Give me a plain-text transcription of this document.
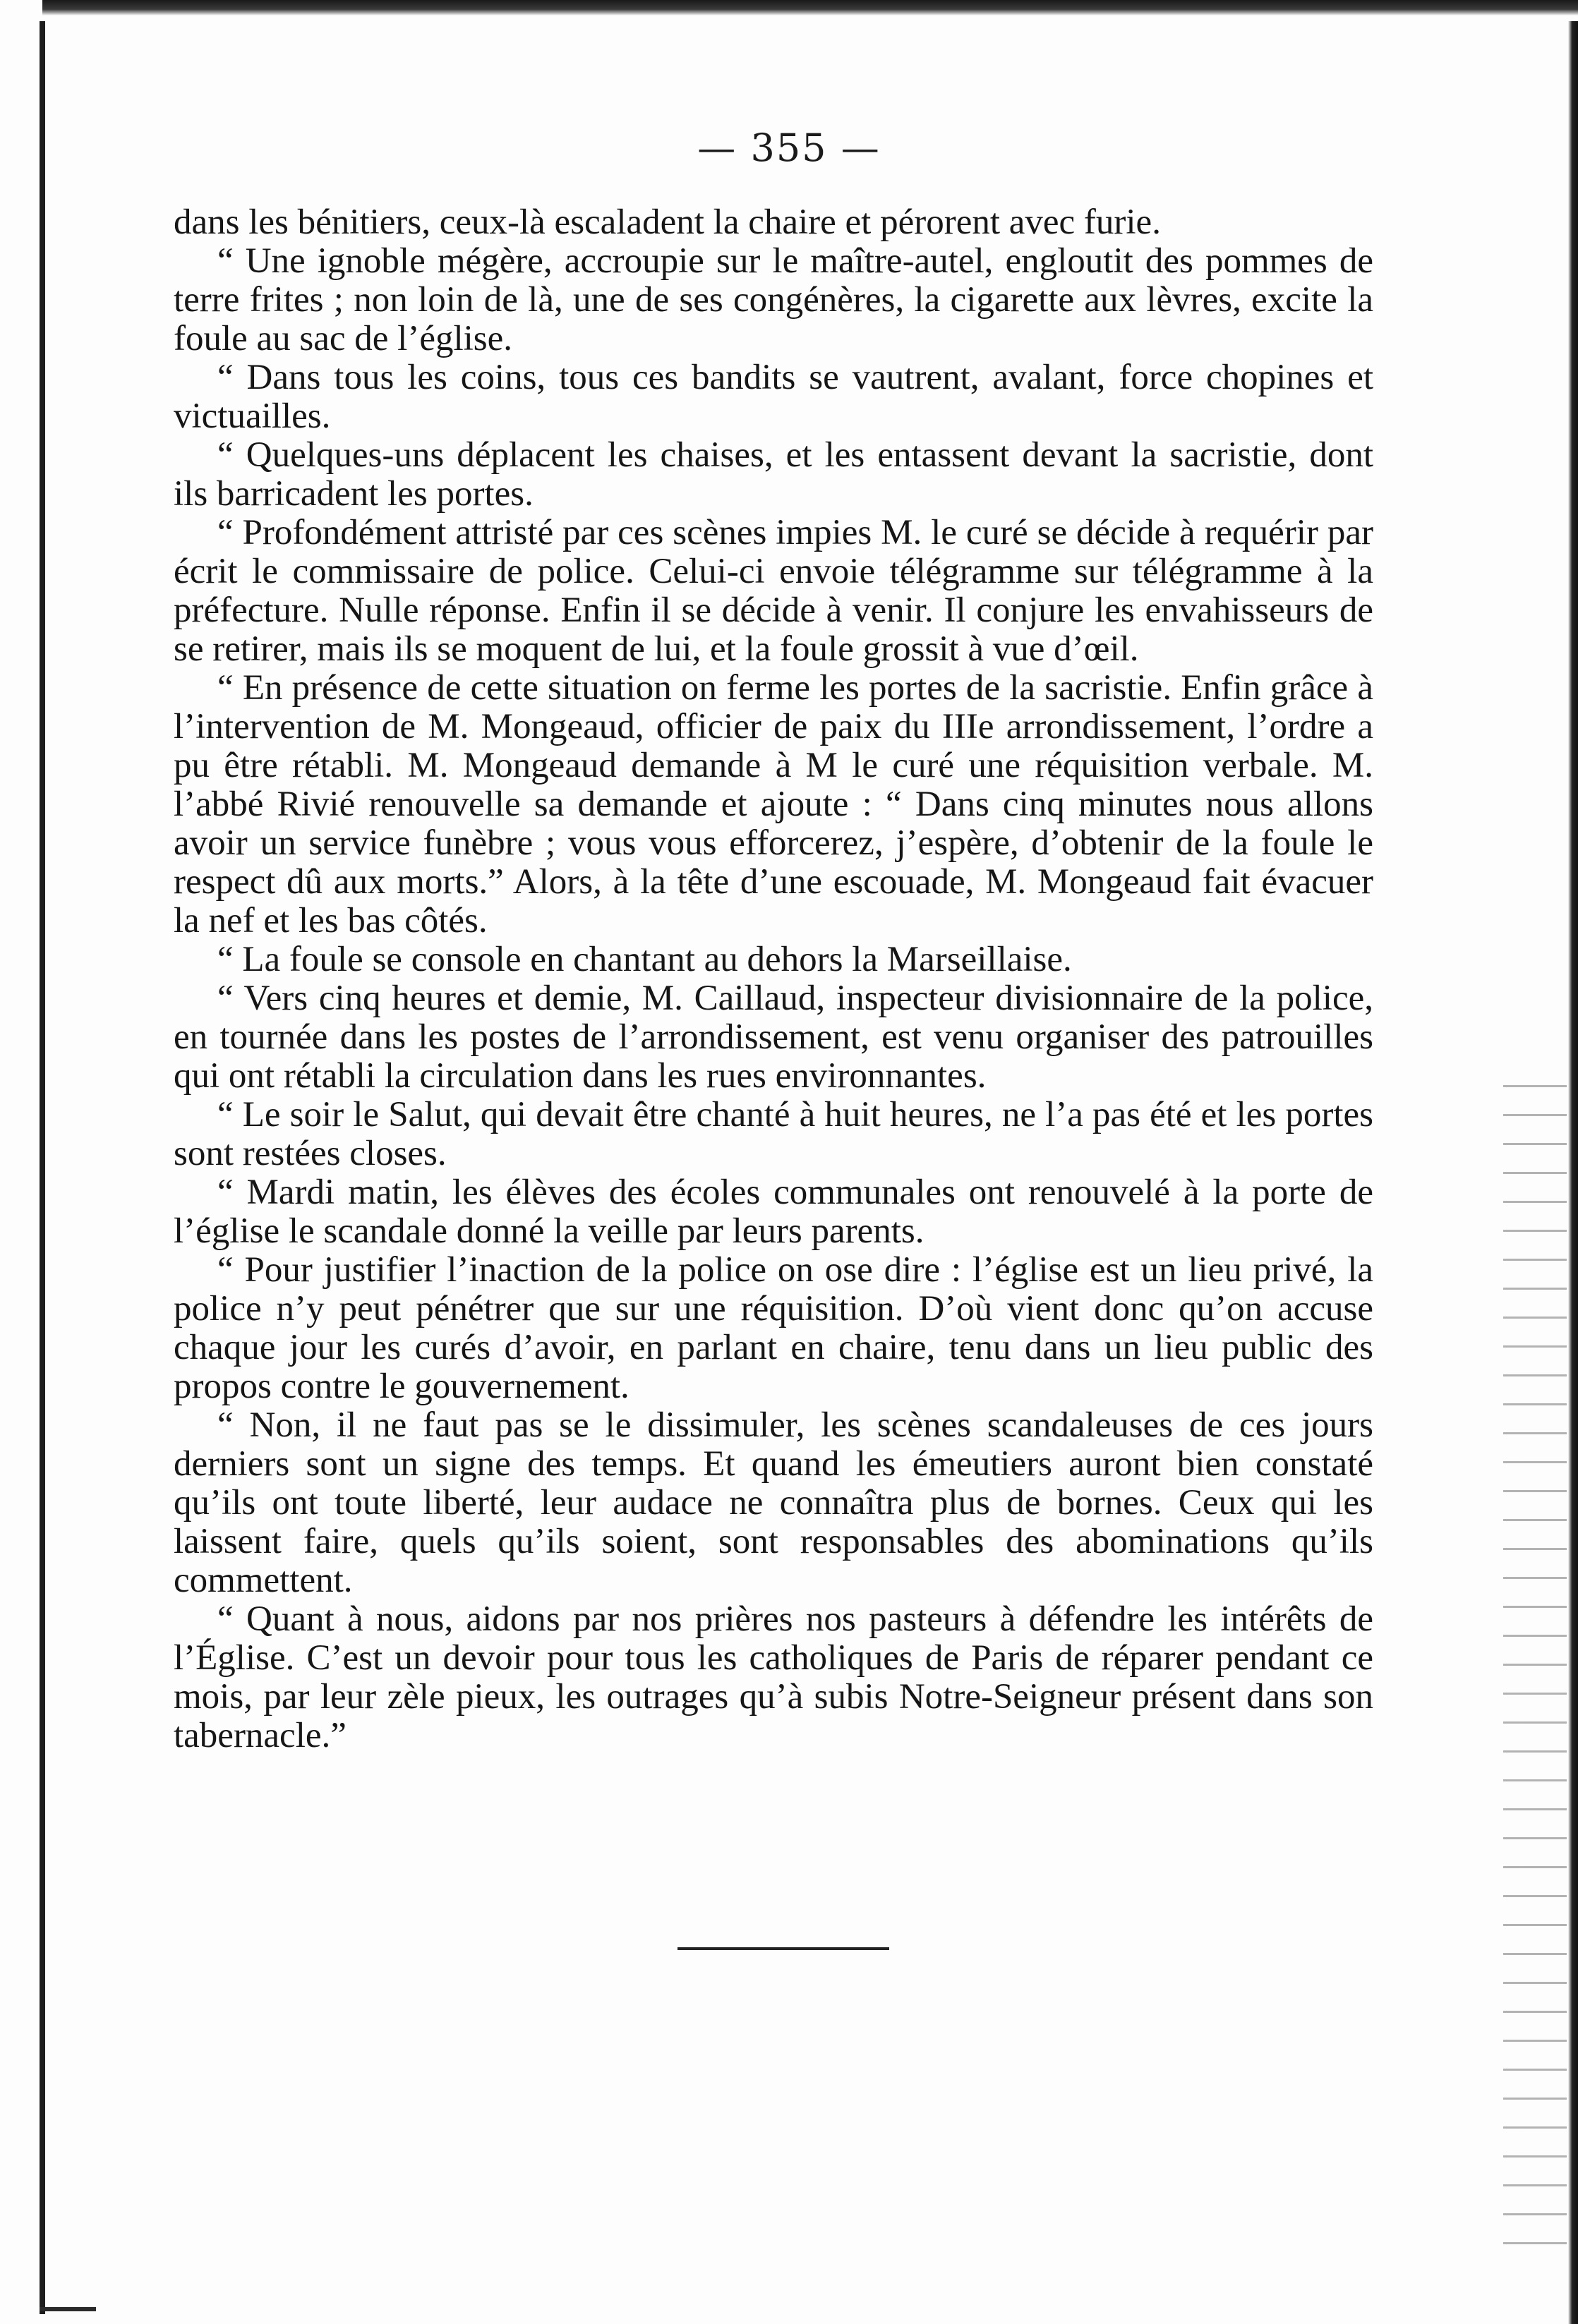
— 355 —

dans les bénitiers, ceux-là escaladent la chaire et pérorent avec furie.

“ Une ignoble mégère, accroupie sur le maître-autel, engloutit des pommes de terre frites ; non loin de là, une de ses congénères, la cigarette aux lèvres, excite la foule au sac de l’église.

“ Dans tous les coins, tous ces bandits se vautrent, avalant, force chopines et victuailles.

“ Quelques-uns déplacent les chaises, et les entassent devant la sacristie, dont ils barricadent les portes.

“ Profondément attristé par ces scènes impies M. le curé se décide à requérir par écrit le commissaire de police. Celui-ci envoie télégramme sur télégramme à la préfecture. Nulle réponse. Enfin il se décide à venir. Il conjure les envahisseurs de se retirer, mais ils se moquent de lui, et la foule grossit à vue d’œil.

“ En présence de cette situation on ferme les portes de la sacristie. Enfin grâce à l’intervention de M. Mongeaud, officier de paix du IIIe arrondissement, l’ordre a pu être rétabli. M. Mongeaud demande à M le curé une réquisition verbale. M. l’abbé Rivié renouvelle sa demande et ajoute : “ Dans cinq minutes nous allons avoir un service funèbre ; vous vous efforcerez, j’espère, d’obtenir de la foule le respect dû aux morts.” Alors, à la tête d’une escouade, M. Mongeaud fait évacuer la nef et les bas côtés.

“ La foule se console en chantant au dehors la Marseillaise.

“ Vers cinq heures et demie, M. Caillaud, inspecteur divisionnaire de la police, en tournée dans les postes de l’arrondissement, est venu organiser des patrouilles qui ont rétabli la circulation dans les rues environnantes.

“ Le soir le Salut, qui devait être chanté à huit heures, ne l’a pas été et les portes sont restées closes.

“ Mardi matin, les élèves des écoles communales ont renouvelé à la porte de l’église le scandale donné la veille par leurs parents.

“ Pour justifier l’inaction de la police on ose dire : l’église est un lieu privé, la police n’y peut pénétrer que sur une réquisition. D’où vient donc qu’on accuse chaque jour les curés d’avoir, en parlant en chaire, tenu dans un lieu public des propos contre le gouvernement.

“ Non, il ne faut pas se le dissimuler, les scènes scandaleuses de ces jours derniers sont un signe des temps. Et quand les émeutiers auront bien constaté qu’ils ont toute liberté, leur audace ne connaîtra plus de bornes. Ceux qui les laissent faire, quels qu’ils soient, sont responsables des abominations qu’ils commettent.

“ Quant à nous, aidons par nos prières nos pasteurs à défendre les intérêts de l’Église. C’est un devoir pour tous les catholiques de Paris de réparer pendant ce mois, par leur zèle pieux, les outrages qu’à subis Notre-Seigneur présent dans son tabernacle.”
